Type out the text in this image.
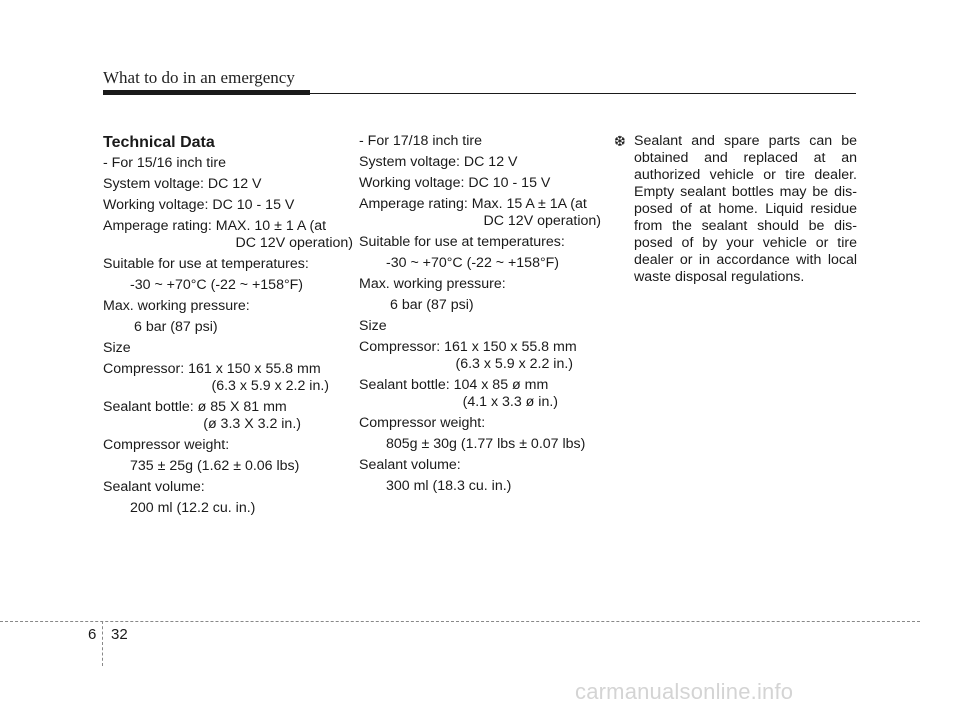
What to do in an emergency
Technical Data
- For 15/16 inch tire
System voltage: DC 12 V
Working voltage: DC 10 - 15 V
Amperage rating: MAX. 10 ± 1 A (at
DC 12V operation)
Suitable for use at temperatures:
-30 ~ +70°C (-22 ~ +158°F)
Max. working pressure:
6 bar (87 psi)
Size
Compressor: 161 x 150 x 55.8 mm
(6.3 x 5.9 x 2.2 in.)
Sealant bottle: ø 85 X 81 mm
(ø 3.3 X 3.2 in.)
Compressor weight:
735 ± 25g (1.62 ± 0.06 lbs)
Sealant volume:
200 ml (12.2 cu. in.)
- For 17/18 inch tire
System voltage: DC 12 V
Working voltage: DC 10 - 15 V
Amperage rating: Max. 15 A ± 1A (at
DC 12V operation)
Suitable for use at temperatures:
-30 ~ +70°C (-22 ~ +158°F)
Max. working pressure:
6 bar (87 psi)
Size
Compressor: 161 x 150 x 55.8 mm
(6.3 x 5.9 x 2.2 in.)
Sealant bottle: 104 x 85 ø mm
(4.1 x 3.3 ø in.)
Compressor weight:
805g ± 30g (1.77 lbs ± 0.07 lbs)
Sealant volume:
300 ml (18.3 cu. in.)
❆ Sealant and spare parts can be obtained and replaced at an authorized vehicle or tire dealer. Empty sealant bottles may be dis- posed of at home. Liquid residue from the sealant should be dis- posed of by your vehicle or tire dealer or in accordance with local waste disposal regulations.
6 32
carmanualsonline.info
